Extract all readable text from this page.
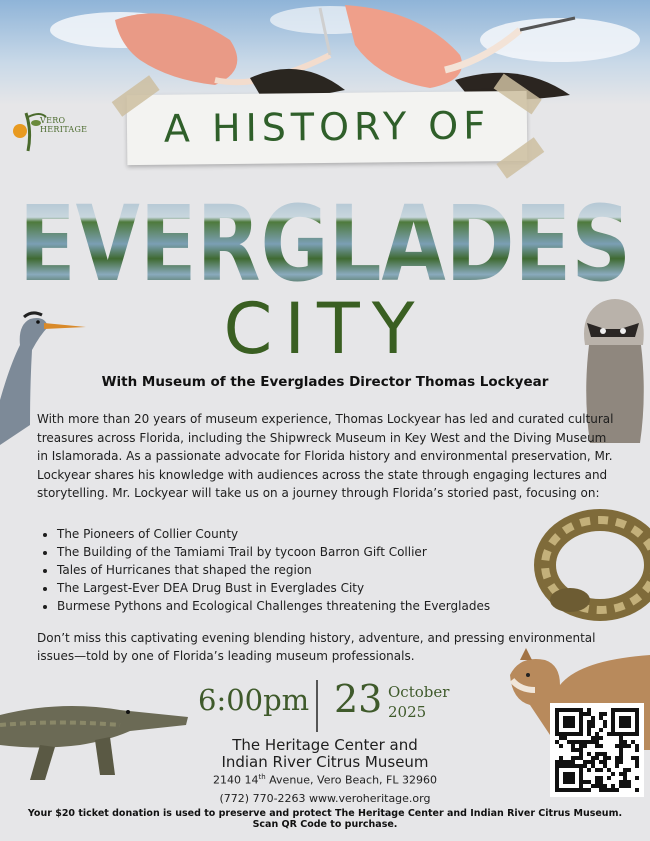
VERO
HERITAGE	A HISTORY OF
EVERGLADES
CITY
With Museum of the Everglades Director Thomas Lockyear

With more than 20 years of museum experience, Thomas Lockyear has led and curated cultural treasures across Florida, including the Shipwreck Museum in Key West and the Diving Museum in Islamorada. As a passionate advocate for Florida history and environmental preservation, Mr. Lockyear shares his knowledge with audiences across the state through engaging lectures and storytelling. Mr. Lockyear will take us on a journey through Florida’s storied past, focusing on:

• The Pioneers of Collier County
• The Building of the Tamiami Trail by tycoon Barron Gift Collier
• Tales of Hurricanes that shaped the region
• The Largest-Ever DEA Drug Bust in Everglades City
• Burmese Pythons and Ecological Challenges threatening the Everglades

Don’t miss this captivating evening blending history, adventure, and pressing environmental issues—told by one of Florida’s leading museum professionals.

6:00pm 23 October
2025
The Heritage Center and
Indian River Citrus Museum
2140 14th Avenue, Vero Beach, FL 32960
(772) 770-2263 www.veroheritage.org
Your $20 ticket donation is used to preserve and protect The Heritage Center and Indian River Citrus Museum.
Scan QR Code to purchase.
